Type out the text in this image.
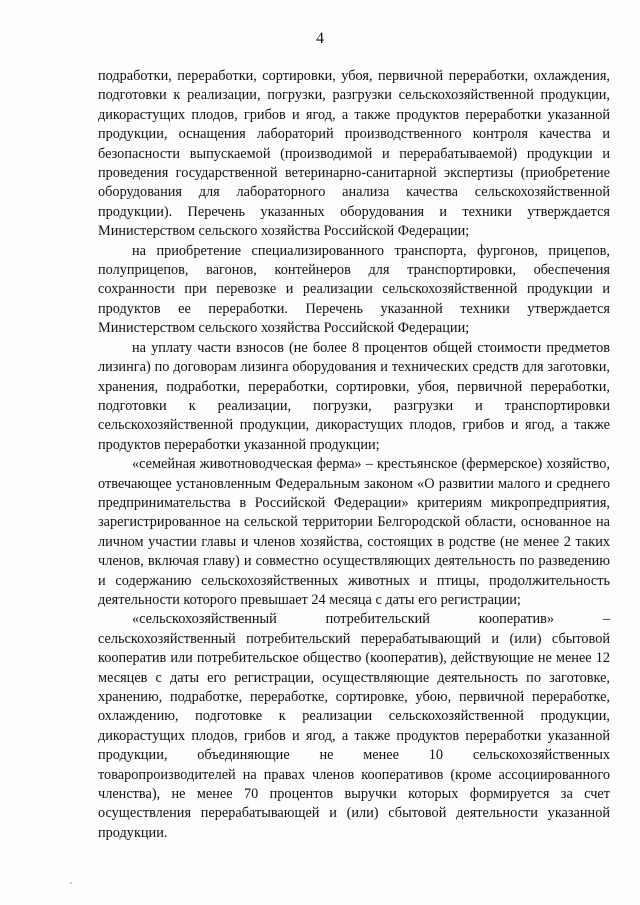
4

подработки, переработки, сортировки, убоя, первичной переработки, охлаждения, подготовки к реализации, погрузки, разгрузки сельскохозяйственной продукции, дикорастущих плодов, грибов и ягод, а также продуктов переработки указанной продукции, оснащения лабораторий производственного контроля качества и безопасности выпускаемой (производимой и перерабатываемой) продукции и проведения государственной ветеринарно-санитарной экспертизы (приобретение оборудования для лабораторного анализа качества сельскохозяйственной продукции). Перечень указанных оборудования и техники утверждается Министерством сельского хозяйства Российской Федерации;

на приобретение специализированного транспорта, фургонов, прицепов, полуприцепов, вагонов, контейнеров для транспортировки, обеспечения сохранности при перевозке и реализации сельскохозяйственной продукции и продуктов ее переработки. Перечень указанной техники утверждается Министерством сельского хозяйства Российской Федерации;

на уплату части взносов (не более 8 процентов общей стоимости предметов лизинга) по договорам лизинга оборудования и технических средств для заготовки, хранения, подработки, переработки, сортировки, убоя, первичной переработки, подготовки к реализации, погрузки, разгрузки и транспортировки сельскохозяйственной продукции, дикорастущих плодов, грибов и ягод, а также продуктов переработки указанной продукции;

«семейная животноводческая ферма» – крестьянское (фермерское) хозяйство, отвечающее установленным Федеральным законом «О развитии малого и среднего предпринимательства в Российской Федерации» критериям микропредприятия, зарегистрированное на сельской территории Белгородской области, основанное на личном участии главы и членов хозяйства, состоящих в родстве (не менее 2 таких членов, включая главу) и совместно осуществляющих деятельность по разведению и содержанию сельскохозяйственных животных и птицы, продолжительность деятельности которого превышает 24 месяца с даты его регистрации;

«сельскохозяйственный потребительский кооператив» – сельскохозяйственный потребительский перерабатывающий и (или) сбытовой кооператив или потребительское общество (кооператив), действующие не менее 12 месяцев с даты его регистрации, осуществляющие деятельность по заготовке, хранению, подработке, переработке, сортировке, убою, первичной переработке, охлаждению, подготовке к реализации сельскохозяйственной продукции, дикорастущих плодов, грибов и ягод, а также продуктов переработки указанной продукции, объединяющие не менее 10 сельскохозяйственных товаропроизводителей на правах членов кооперативов (кроме ассоциированного членства), не менее 70 процентов выручки которых формируется за счет осуществления перерабатывающей и (или) сбытовой деятельности указанной продукции.
